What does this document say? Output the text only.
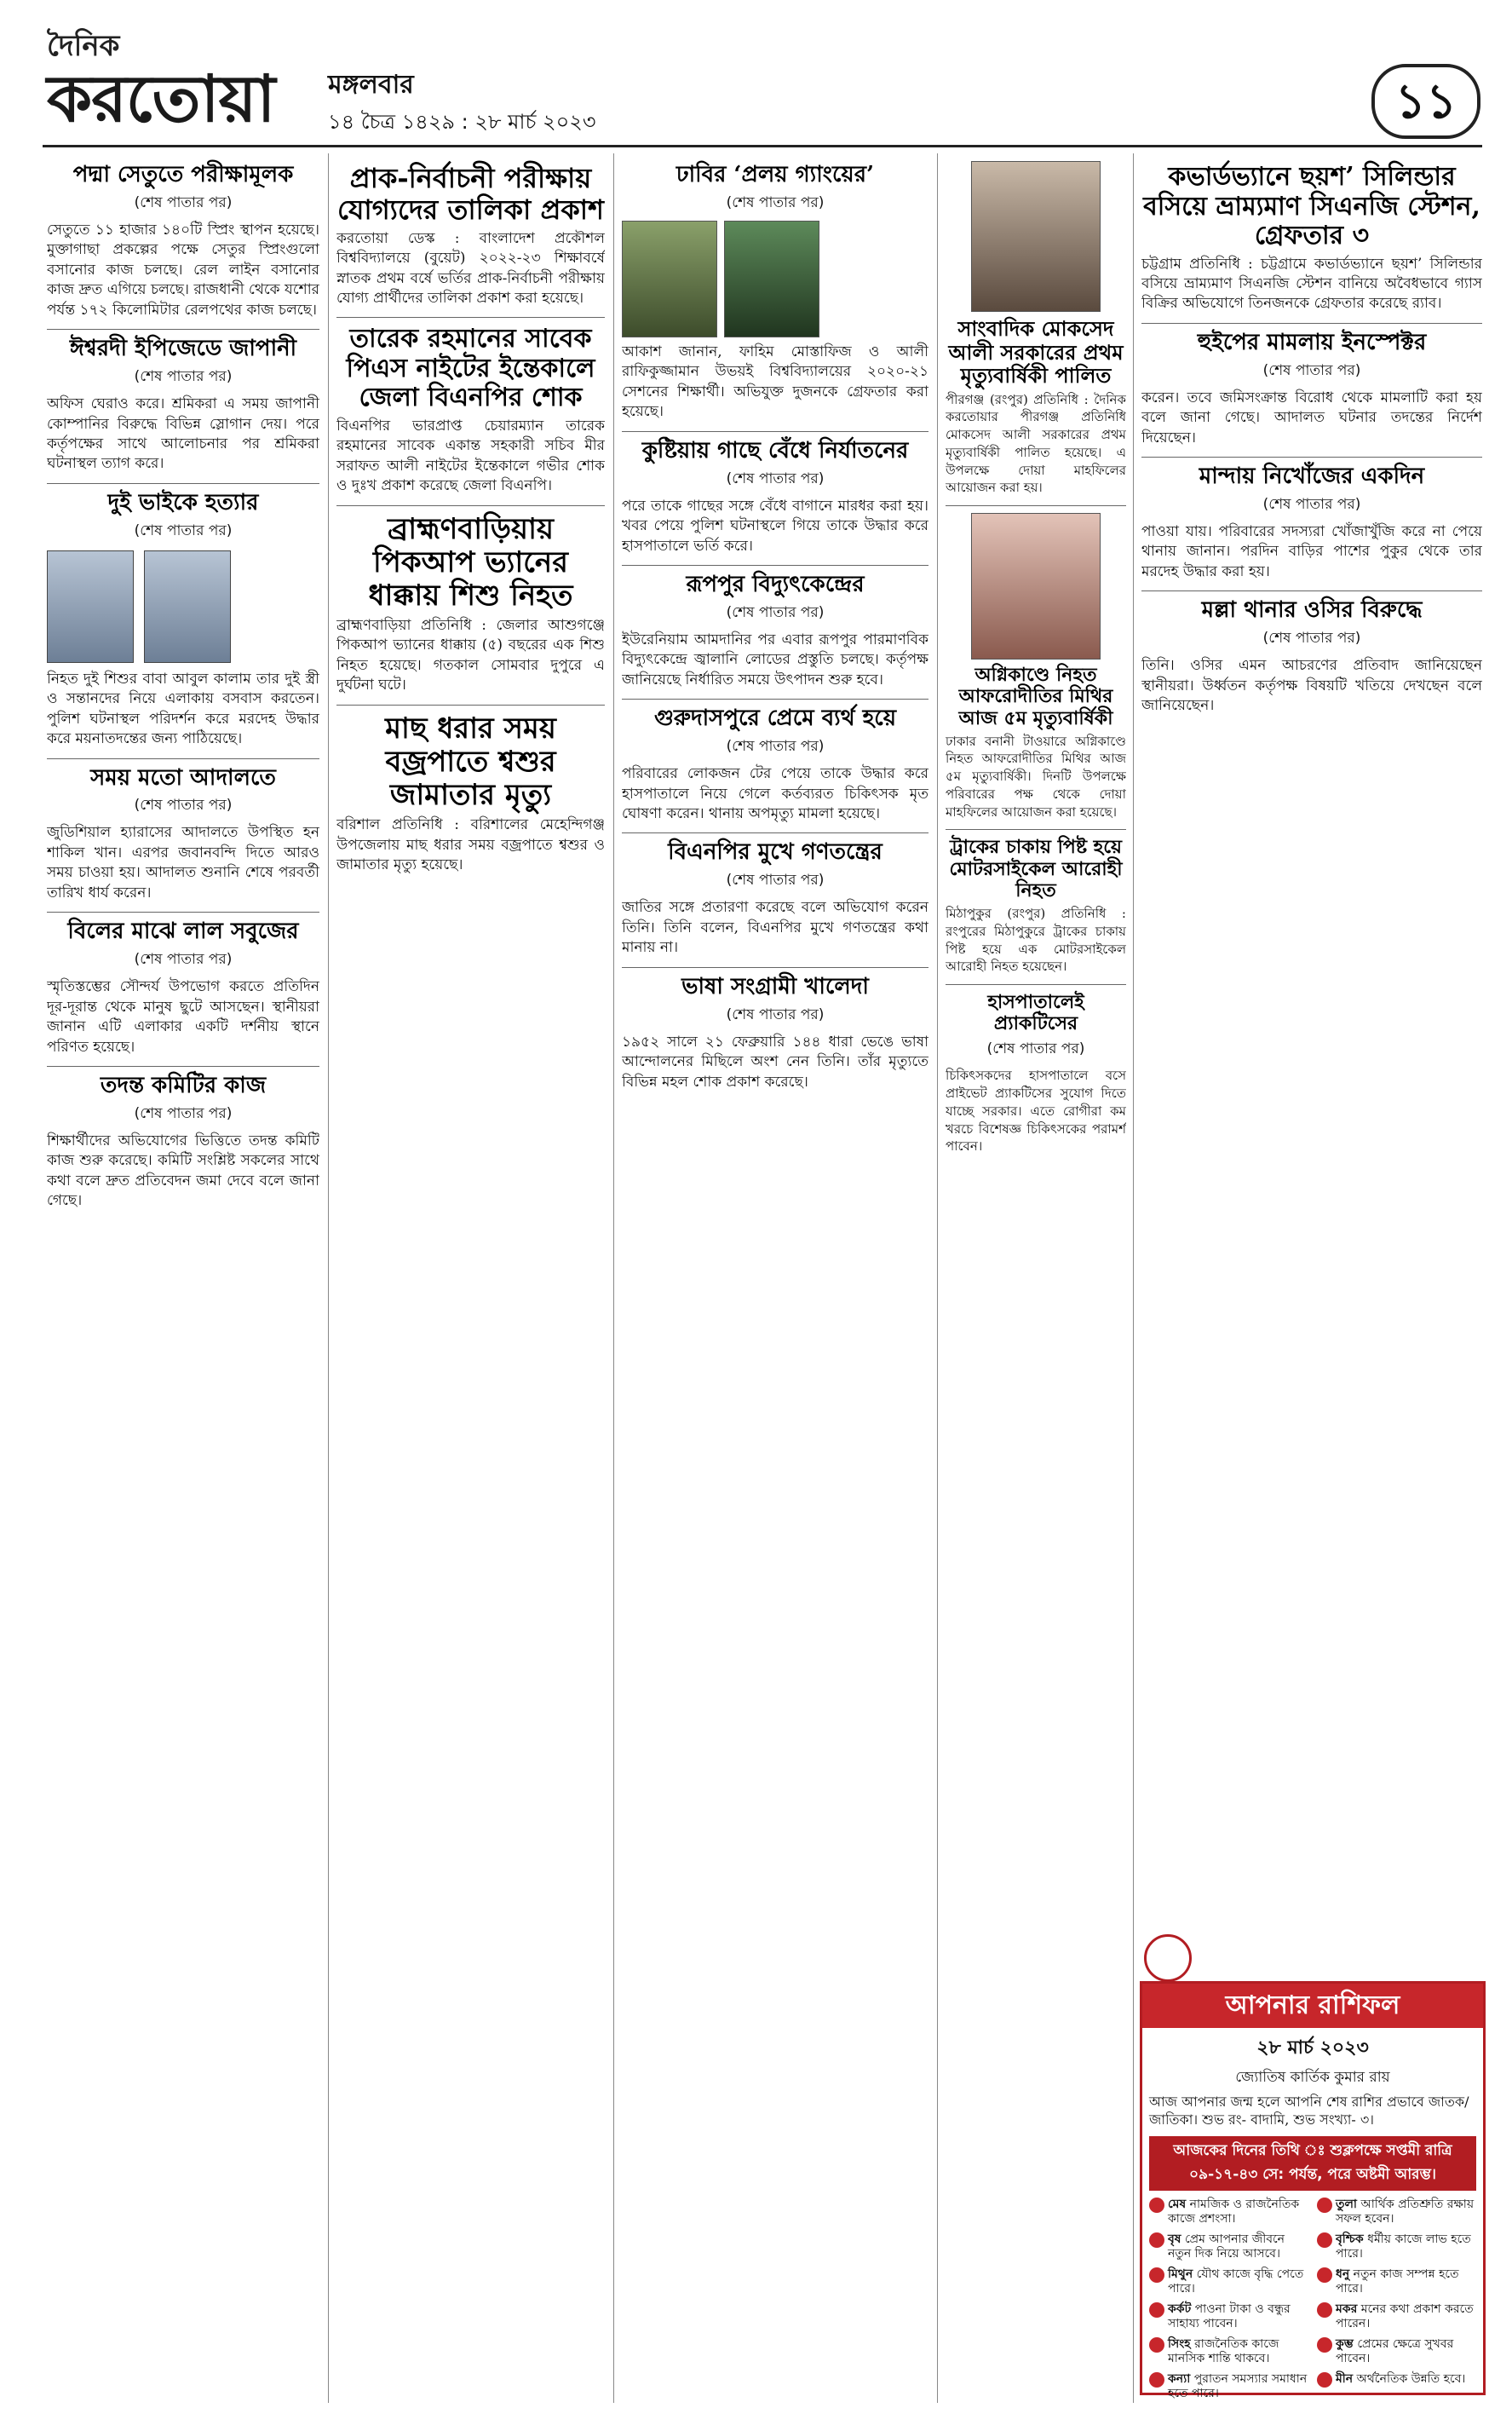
দৈনিক
করতোয়া মঙ্গলবার
১৪ চৈত্র ১৪২৯ : ২৮ মার্চ ২০২৩	১১
পদ্মা সেতুতে পরীক্ষামূলক
(শেষ পাতার পর)

সেতুতে ১১ হাজার ১৪০টি স্প্রিং স্থাপন হয়েছে। মুক্তাগাছা প্রকল্পের পক্ষে সেতুর স্প্রিংগুলো বসানোর কাজ চলছে। রেল লাইন বসানোর কাজ দ্রুত এগিয়ে চলছে। রাজধানী থেকে যশোর পর্যন্ত ১৭২ কিলোমিটার রেলপথের কাজ চলছে।

ঈশ্বরদী ইপিজেডে জাপানী
(শেষ পাতার পর)

অফিস ঘেরাও করে। শ্রমিকরা এ সময় জাপানী কোম্পানির বিরুদ্ধে বিভিন্ন স্লোগান দেয়। পরে কর্তৃপক্ষের সাথে আলোচনার পর শ্রমিকরা ঘটনাস্থল ত্যাগ করে।

দুই ভাইকে হত্যার
(শেষ পাতার পর)

নিহত দুই শিশুর বাবা আবুল কালাম তার দুই স্ত্রী ও সন্তানদের নিয়ে এলাকায় বসবাস করতেন। পুলিশ ঘটনাস্থল পরিদর্শন করে মরদেহ উদ্ধার করে ময়নাতদন্তের জন্য পাঠিয়েছে।

সময় মতো আদালতে
(শেষ পাতার পর)

জুডিশিয়াল হ্যারাসের আদালতে উপস্থিত হন শাকিল খান। এরপর জবানবন্দি দিতে আরও সময় চাওয়া হয়। আদালত শুনানি শেষে পরবর্তী তারিখ ধার্য করেন।

বিলের মাঝে লাল সবুজের
(শেষ পাতার পর)

স্মৃতিস্তম্ভের সৌন্দর্য উপভোগ করতে প্রতিদিন দূর-দূরান্ত থেকে মানুষ ছুটে আসছেন। স্থানীয়রা জানান এটি এলাকার একটি দর্শনীয় স্থানে পরিণত হয়েছে।

তদন্ত কমিটির কাজ
(শেষ পাতার পর)

শিক্ষার্থীদের অভিযোগের ভিত্তিতে তদন্ত কমিটি কাজ শুরু করেছে। কমিটি সংশ্লিষ্ট সকলের সাথে কথা বলে দ্রুত প্রতিবেদন জমা দেবে বলে জানা গেছে।

প্রাক-নির্বাচনী পরীক্ষায় যোগ্যদের তালিকা প্রকাশ

করতোয়া ডেস্ক : বাংলাদেশ প্রকৌশল বিশ্ববিদ্যালয়ে (বুয়েট) ২০২২-২৩ শিক্ষাবর্ষে স্নাতক প্রথম বর্ষে ভর্তির প্রাক-নির্বাচনী পরীক্ষায় যোগ্য প্রার্থীদের তালিকা প্রকাশ করা হয়েছে।

তারেক রহমানের সাবেক পিএস নাইটের ইন্তেকালে জেলা বিএনপির শোক

বিএনপির ভারপ্রাপ্ত চেয়ারম্যান তারেক রহমানের সাবেক একান্ত সহকারী সচিব মীর সরাফত আলী নাইটের ইন্তেকালে গভীর শোক ও দুঃখ প্রকাশ করেছে জেলা বিএনপি।

ব্রাহ্মণবাড়িয়ায় পিকআপ ভ্যানের ধাক্কায় শিশু নিহত

ব্রাহ্মণবাড়িয়া প্রতিনিধি : জেলার আশুগঞ্জে পিকআপ ভ্যানের ধাক্কায় (৫) বছরের এক শিশু নিহত হয়েছে। গতকাল সোমবার দুপুরে এ দুর্ঘটনা ঘটে।

মাছ ধরার সময় বজ্রপাতে শ্বশুর জামাতার মৃত্যু

বরিশাল প্রতিনিধি : বরিশালের মেহেন্দিগঞ্জ উপজেলায় মাছ ধরার সময় বজ্রপাতে শ্বশুর ও জামাতার মৃত্যু হয়েছে।

ঢাবির ‘প্রলয় গ্যাংয়ের’
(শেষ পাতার পর)

আকাশ জানান, ফাহিম মোস্তাফিজ ও আলী রাফিকুজ্জামান উভয়ই বিশ্ববিদ্যালয়ের ২০২০-২১ সেশনের শিক্ষার্থী। অভিযুক্ত দুজনকে গ্রেফতার করা হয়েছে।

কুষ্টিয়ায় গাছে বেঁধে নির্যাতনের
(শেষ পাতার পর)

পরে তাকে গাছের সঙ্গে বেঁধে বাগানে মারধর করা হয়। খবর পেয়ে পুলিশ ঘটনাস্থলে গিয়ে তাকে উদ্ধার করে হাসপাতালে ভর্তি করে।

রূপপুর বিদ্যুৎকেন্দ্রের
(শেষ পাতার পর)

ইউরেনিয়াম আমদানির পর এবার রূপপুর পারমাণবিক বিদ্যুৎকেন্দ্রে জ্বালানি লোডের প্রস্তুতি চলছে। কর্তৃপক্ষ জানিয়েছে নির্ধারিত সময়ে উৎপাদন শুরু হবে।

গুরুদাসপুরে প্রেমে ব্যর্থ হয়ে
(শেষ পাতার পর)

পরিবারের লোকজন টের পেয়ে তাকে উদ্ধার করে হাসপাতালে নিয়ে গেলে কর্তব্যরত চিকিৎসক মৃত ঘোষণা করেন। থানায় অপমৃত্যু মামলা হয়েছে।

বিএনপির মুখে গণতন্ত্রের
(শেষ পাতার পর)

জাতির সঙ্গে প্রতারণা করেছে বলে অভিযোগ করেন তিনি। তিনি বলেন, বিএনপির মুখে গণতন্ত্রের কথা মানায় না।

ভাষা সংগ্রামী খালেদা
(শেষ পাতার পর)

১৯৫২ সালে ২১ ফেব্রুয়ারি ১৪৪ ধারা ভেঙে ভাষা আন্দোলনের মিছিলে অংশ নেন তিনি। তাঁর মৃত্যুতে বিভিন্ন মহল শোক প্রকাশ করেছে।

সাংবাদিক মোকসেদ আলী সরকারের প্রথম মৃত্যুবার্ষিকী পালিত

পীরগঞ্জ (রংপুর) প্রতিনিধি : দৈনিক করতোয়ার পীরগঞ্জ প্রতিনিধি মোকসেদ আলী সরকারের প্রথম মৃত্যুবার্ষিকী পালিত হয়েছে। এ উপলক্ষে দোয়া মাহফিলের আয়োজন করা হয়।

অগ্নিকাণ্ডে নিহত আফরোদীতির মিথির আজ ৫ম মৃত্যুবার্ষিকী

ঢাকার বনানী টাওয়ারে অগ্নিকাণ্ডে নিহত আফরোদীতির মিথির আজ ৫ম মৃত্যুবার্ষিকী। দিনটি উপলক্ষে পরিবারের পক্ষ থেকে দোয়া মাহফিলের আয়োজন করা হয়েছে।

ট্রাকের চাকায় পিষ্ট হয়ে মোটরসাইকেল আরোহী নিহত

মিঠাপুকুর (রংপুর) প্রতিনিধি : রংপুরের মিঠাপুকুরে ট্রাকের চাকায় পিষ্ট হয়ে এক মোটরসাইকেল আরোহী নিহত হয়েছেন।

হাসপাতালেই প্র্যাকটিসের
(শেষ পাতার পর)

চিকিৎসকদের হাসপাতালে বসে প্রাইভেট প্র্যাকটিসের সুযোগ দিতে যাচ্ছে সরকার। এতে রোগীরা কম খরচে বিশেষজ্ঞ চিকিৎসকের পরামর্শ পাবেন।

কভার্ডভ্যানে ছয়শ’ সিলিন্ডার বসিয়ে ভ্রাম্যমাণ সিএনজি স্টেশন, গ্রেফতার ৩

চট্টগ্রাম প্রতিনিধি : চট্টগ্রামে কভার্ডভ্যানে ছয়শ’ সিলিন্ডার বসিয়ে ভ্রাম্যমাণ সিএনজি স্টেশন বানিয়ে অবৈধভাবে গ্যাস বিক্রির অভিযোগে তিনজনকে গ্রেফতার করেছে র‌্যাব।

হুইপের মামলায় ইনস্পেক্টর
(শেষ পাতার পর)

করেন। তবে জমিসংক্রান্ত বিরোধ থেকে মামলাটি করা হয় বলে জানা গেছে। আদালত ঘটনার তদন্তের নির্দেশ দিয়েছেন।

মান্দায় নিখোঁজের একদিন
(শেষ পাতার পর)

পাওয়া যায়। পরিবারের সদস্যরা খোঁজাখুঁজি করে না পেয়ে থানায় জানান। পরদিন বাড়ির পাশের পুকুর থেকে তার মরদেহ উদ্ধার করা হয়।

মল্লা থানার ওসির বিরুদ্ধে
(শেষ পাতার পর)

তিনি। ওসির এমন আচরণের প্রতিবাদ জানিয়েছেন স্থানীয়রা। উর্ধ্বতন কর্তৃপক্ষ বিষয়টি খতিয়ে দেখছেন বলে জানিয়েছেন।

আপনার রাশিফল
২৮ মার্চ ২০২৩
জ্যোতিষ কার্তিক কুমার রায়
আজ আপনার জন্ম হলে আপনি শেষ রাশির প্রভাবে জাতক/জাতিকা। শুভ রং- বাদামি, শুভ সংখ্যা- ৩।
আজকের দিনের তিথি ঃ শুক্লপক্ষে সপ্তমী রাত্রি ০৯-১৭-৪৩ সে: পর্যন্ত, পরে অষ্টমী আরম্ভ।
মেষ নামজিক ও রাজনৈতিক কাজে প্রশংসা।
তুলা আর্থিক প্রতিশ্রুতি রক্ষায় সফল হবেন।
বৃষ প্রেম আপনার জীবনে নতুন দিক নিয়ে আসবে।
বৃশ্চিক ধর্মীয় কাজে লাভ হতে পারে।
মিথুন যৌথ কাজে বৃদ্ধি পেতে পারে।
ধনু নতুন কাজ সম্পন্ন হতে পারে।
কর্কট পাওনা টাকা ও বন্ধুর সাহায্য পাবেন।
মকর মনের কথা প্রকাশ করতে পারেন।
সিংহ রাজনৈতিক কাজে মানসিক শান্তি থাকবে।
কুম্ভ প্রেমের ক্ষেত্রে সুখবর পাবেন।
কন্যা পুরাতন সমস্যার সমাধান হতে পারে।
মীন অর্থনৈতিক উন্নতি হবে।
